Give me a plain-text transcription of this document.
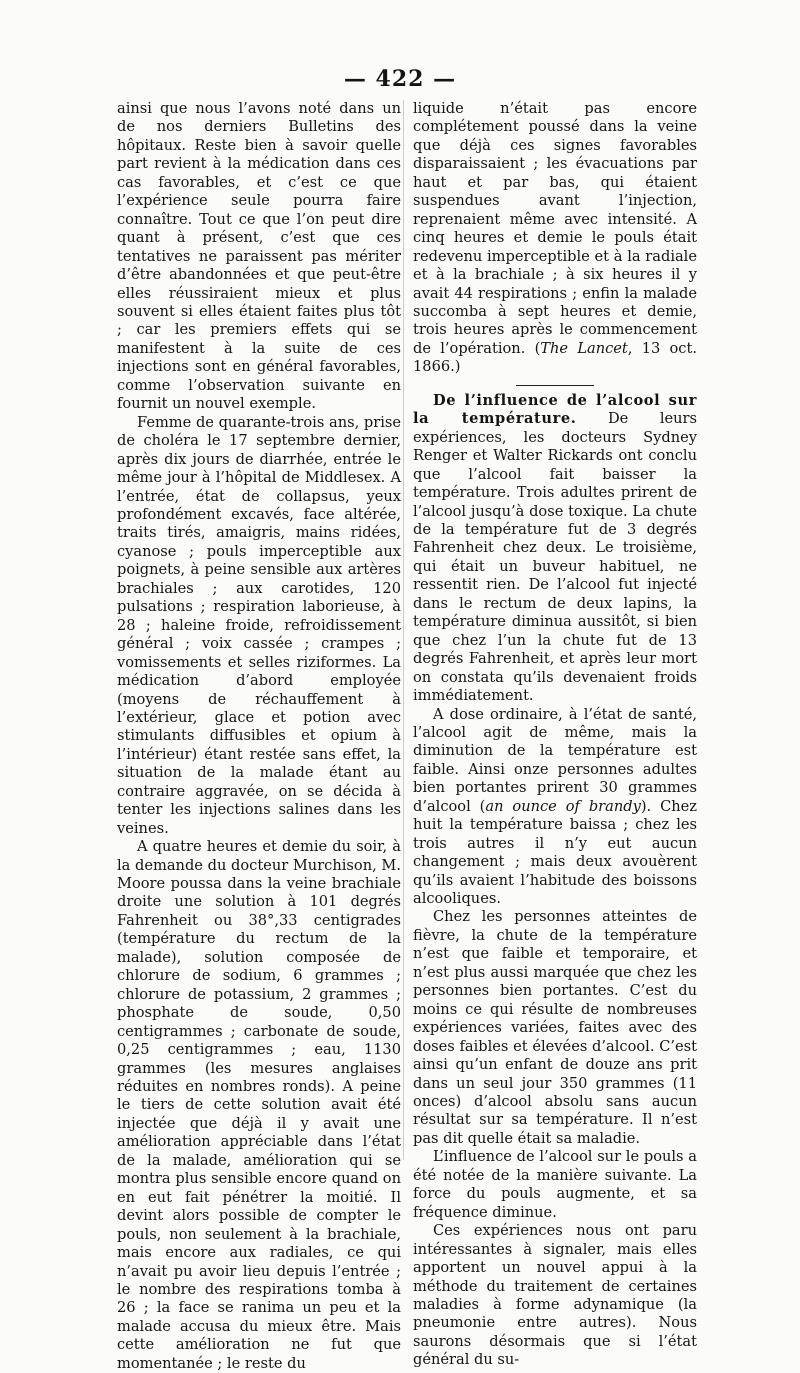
— 422 —

ainsi que nous l’avons noté dans un de nos derniers Bulletins des hôpitaux. Reste bien à savoir quelle part revient à la médication dans ces cas favorables, et c’est ce que l’expérience seule pourra faire connaître. Tout ce que l’on peut dire quant à présent, c’est que ces tentatives ne paraissent pas mériter d’être abandonnées et que peut-être elles réussiraient mieux et plus souvent si elles étaient faites plus tôt ; car les premiers effets qui se manifestent à la suite de ces injections sont en général favorables, comme l’observation suivante en fournit un nouvel exemple.

Femme de quarante-trois ans, prise de choléra le 17 septembre dernier, après dix jours de diarrhée, entrée le même jour à l’hôpital de Middlesex. A l’entrée, état de collapsus, yeux profondément excavés, face altérée, traits tirés, amaigris, mains ridées, cyanose ; pouls imperceptible aux poignets, à peine sensible aux artères brachiales ; aux carotides, 120 pulsations ; respiration laborieuse, à 28 ; haleine froide, refroidissement général ; voix cassée ; crampes ; vomissements et selles riziformes. La médication d’abord employée (moyens de réchauffement à l’extérieur, glace et potion avec stimulants diffusibles et opium à l’intérieur) étant restée sans effet, la situation de la malade étant au contraire aggravée, on se décida à tenter les injections salines dans les veines.

A quatre heures et demie du soir, à la demande du docteur Murchison, M. Moore poussa dans la veine brachiale droite une solution à 101 degrés Fahrenheit ou 38°,33 centigrades (température du rectum de la malade), solution composée de chlorure de sodium, 6 grammes ; chlorure de potassium, 2 grammes ; phosphate de soude, 0,50 centigrammes ; carbonate de soude, 0,25 centigrammes ; eau, 1130 grammes (les mesures anglaises réduites en nombres ronds). A peine le tiers de cette solution avait été injectée que déjà il y avait une amélioration appréciable dans l’état de la malade, amélioration qui se montra plus sensible encore quand on en eut fait pénétrer la moitié. Il devint alors possible de compter le pouls, non seulement à la brachiale, mais encore aux radiales, ce qui n’avait pu avoir lieu depuis l’entrée ; le nombre des respirations tomba à 26 ; la face se ranima un peu et la malade accusa du mieux être. Mais cette amélioration ne fut que momentanée ; le reste du

liquide n’était pas encore complétement poussé dans la veine que déjà ces signes favorables disparaissaient ; les évacuations par haut et par bas, qui étaient suspendues avant l’injection, reprenaient même avec intensité. A cinq heures et demie le pouls était redevenu imperceptible et à la radiale et à la brachiale ; à six heures il y avait 44 respirations ; enfin la malade succomba à sept heures et demie, trois heures après le commencement de l’opération. (The Lancet, 13 oct. 1866.)

De l’influence de l’alcool sur la température. De leurs expériences, les docteurs Sydney Renger et Walter Rickards ont conclu que l’alcool fait baisser la température. Trois adultes prirent de l’alcool jusqu’à dose toxique. La chute de la température fut de 3 degrés Fahrenheit chez deux. Le troisième, qui était un buveur habituel, ne ressentit rien. De l’alcool fut injecté dans le rectum de deux lapins, la température diminua aussitôt, si bien que chez l’un la chute fut de 13 degrés Fahrenheit, et après leur mort on constata qu’ils devenaient froids immédiatement.

A dose ordinaire, à l’état de santé, l’alcool agit de même, mais la diminution de la température est faible. Ainsi onze personnes adultes bien portantes prirent 30 grammes d’alcool (an ounce of brandy). Chez huit la température baissa ; chez les trois autres il n’y eut aucun changement ; mais deux avouèrent qu’ils avaient l’habitude des boissons alcooliques.

Chez les personnes atteintes de fièvre, la chute de la température n’est que faible et temporaire, et n’est plus aussi marquée que chez les personnes bien portantes. C’est du moins ce qui résulte de nombreuses expériences variées, faites avec des doses faibles et élevées d’alcool. C’est ainsi qu’un enfant de douze ans prit dans un seul jour 350 grammes (11 onces) d’alcool absolu sans aucun résultat sur sa température. Il n’est pas dit quelle était sa maladie.

L’influence de l’alcool sur le pouls a été notée de la manière suivante. La force du pouls augmente, et sa fréquence diminue.

Ces expériences nous ont paru intéressantes à signaler, mais elles apportent un nouvel appui à la méthode du traitement de certaines maladies à forme adynamique (la pneumonie entre autres). Nous saurons désormais que si l’état général du su-
